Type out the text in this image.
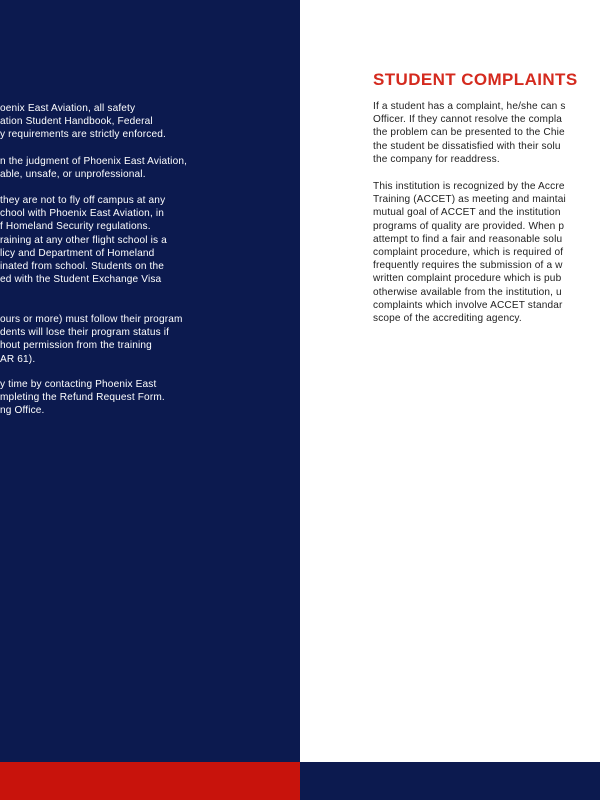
oenix East Aviation, all safety
ation Student Handbook, Federal
y requirements are strictly enforced.

n the judgment of Phoenix East Aviation,
able, unsafe, or unprofessional.

they are not to fly off campus at any
chool with Phoenix East Aviation, in
f Homeland Security regulations.
raining at any other flight school is a
licy and Department of Homeland
inated from school. Students on the
ed with the Student Exchange Visa

ours or more) must follow their program
dents will lose their program status if
hout permission from the training
AR 61).

y time by contacting Phoenix East
mpleting the Refund Request Form.
ng Office.

STUDENT COMPLAINTS

If a student has a complaint, he/she can s
Officer. If they cannot resolve the compla
the problem can be presented to the Chie
the student be dissatisfied with their solu
the company for readdress.

This institution is recognized by the Accre
Training (ACCET) as meeting and maintai
mutual goal of ACCET and the institution
programs of quality are provided. When p
attempt to find a fair and reasonable solu
complaint procedure, which is required of
frequently requires the submission of a w
written complaint procedure which is pub
otherwise available from the institution, u
complaints which involve ACCET standar
scope of the accrediting agency.
